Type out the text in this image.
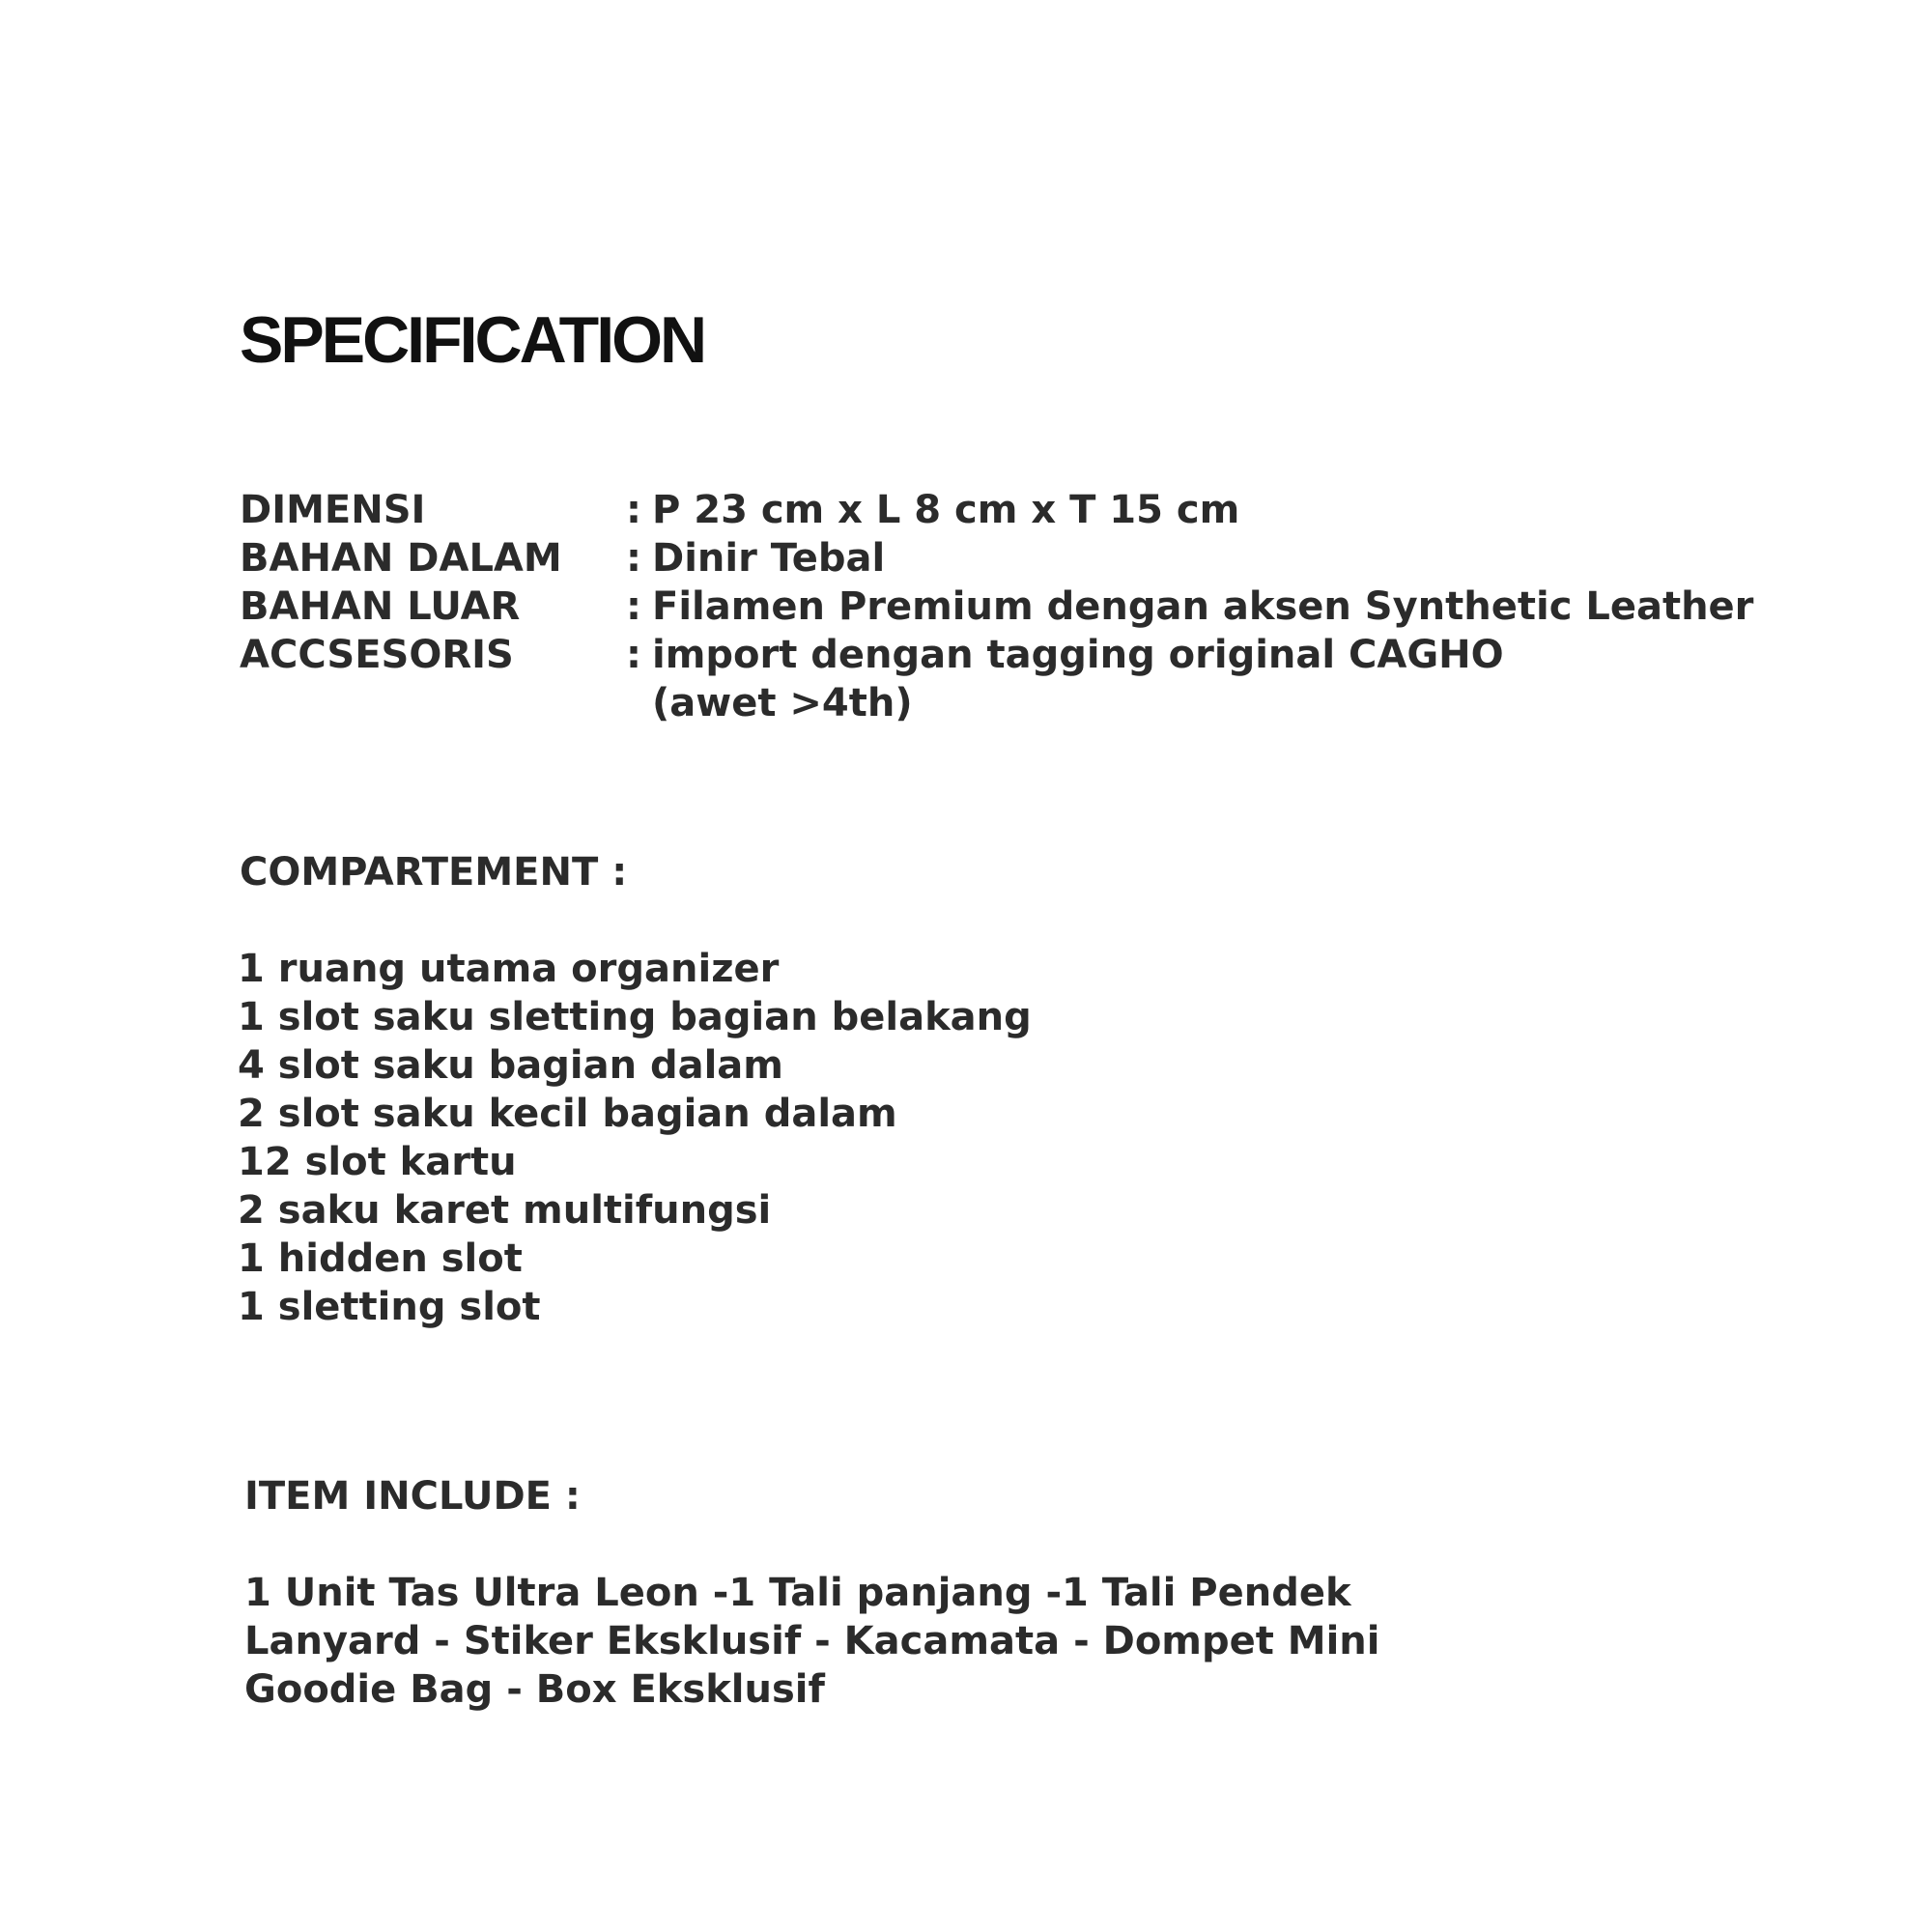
SPECIFICATION
DIMENSI	: P 23 cm x L 8 cm x T 15 cm
BAHAN DALAM	: Dinir Tebal
BAHAN LUAR	: Filamen Premium dengan aksen Synthetic Leather
ACCSESORIS	: import dengan tagging original CAGHO
(awet >4th)
COMPARTEMENT :
1 ruang utama organizer
1 slot saku sletting bagian belakang
4 slot saku bagian dalam
2 slot saku kecil bagian dalam
12 slot kartu
2 saku karet multifungsi
1 hidden slot
1 sletting slot
ITEM INCLUDE :
1 Unit Tas Ultra Leon -1 Tali panjang -1 Tali Pendek
Lanyard - Stiker Eksklusif - Kacamata - Dompet Mini
Goodie Bag - Box Eksklusif
